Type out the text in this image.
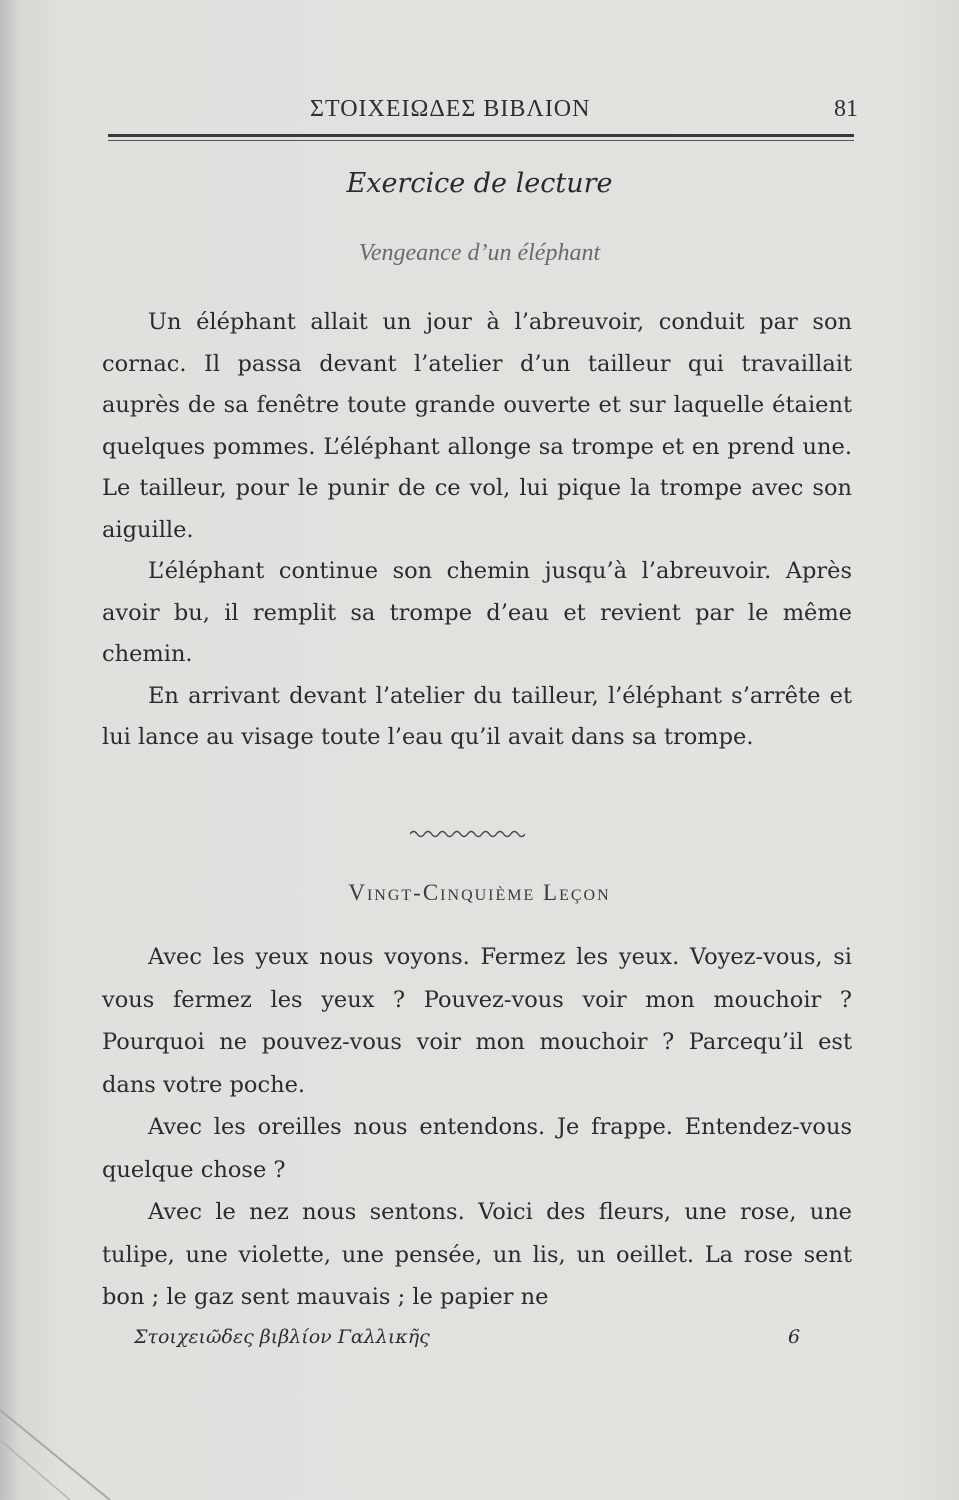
ΣΤΟΙΧΕΙΩΔΕΣ ΒΙΒΛΙΟΝ	81
Exercice de lecture
Vengeance d’un éléphant

Un éléphant allait un jour à l’abreuvoir, conduit par son cornac. Il passa devant l’atelier d’un tailleur qui travaillait auprès de sa fenêtre toute grande ouverte et sur laquelle étaient quelques pommes. L’éléphant allonge sa trompe et en prend une. Le tailleur, pour le punir de ce vol, lui pique la trompe avec son aiguille.

L’éléphant continue son chemin jusqu’à l’abreuvoir. Après avoir bu, il remplit sa trompe d’eau et revient par le même chemin.

En arrivant devant l’atelier du tailleur, l’éléphant s’arrête et lui lance au visage toute l’eau qu’il avait dans sa trompe.

Vingt-Cinquième Leçon

Avec les yeux nous voyons. Fermez les yeux. Voyez-vous, si vous fermez les yeux ? Pouvez-vous voir mon mouchoir ? Pourquoi ne pouvez-vous voir mon mouchoir ? Parcequ’il est dans votre poche.

Avec les oreilles nous entendons. Je frappe. Entendez-vous quelque chose ?

Avec le nez nous sentons. Voici des fleurs, une rose, une tulipe, une violette, une pensée, un lis, un oeillet. La rose sent bon ; le gaz sent mauvais ; le papier ne

Στοιχειῶδες βιβλίον Γαλλικῆς	6
